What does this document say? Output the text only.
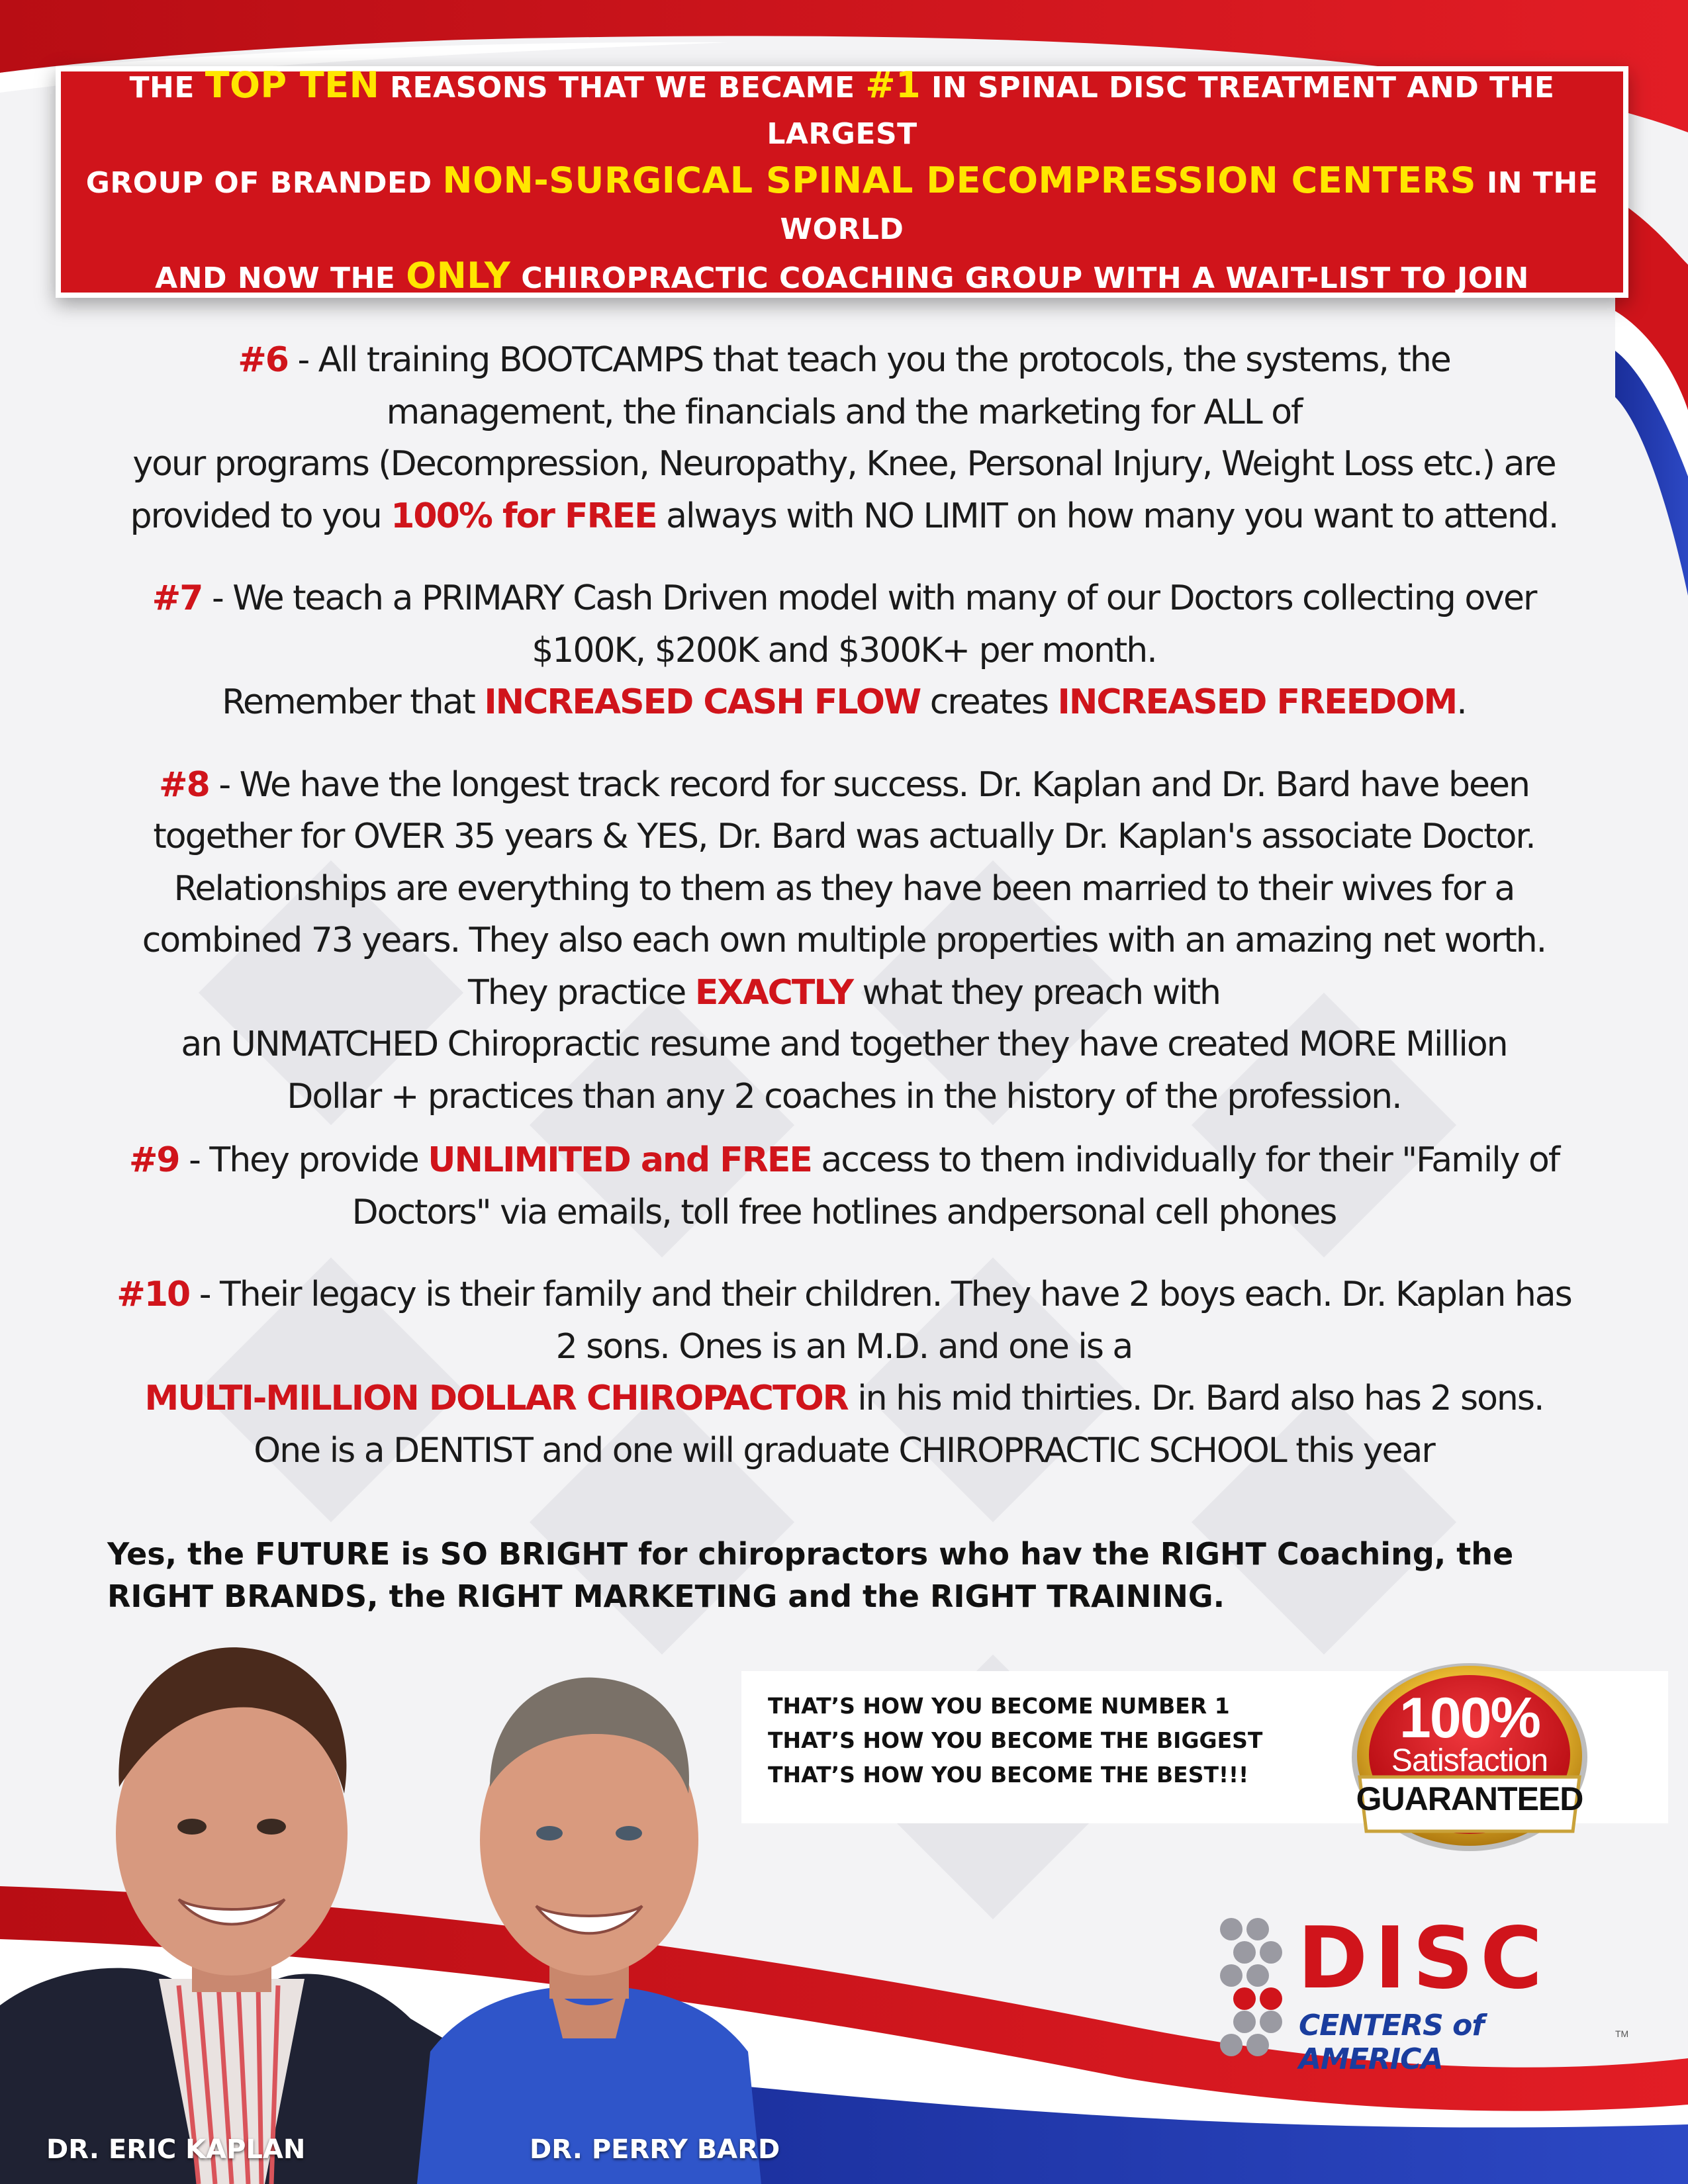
THE TOP TEN REASONS THAT WE BECAME #1 IN SPINAL DISC TREATMENT AND THE LARGEST
GROUP OF BRANDED NON-SURGICAL SPINAL DECOMPRESSION CENTERS IN THE WORLD
AND NOW THE ONLY CHIROPRACTIC COACHING GROUP WITH A WAIT-LIST TO JOIN
#6 - All training BOOTCAMPS that teach you the protocols, the systems, the
management, the financials and the marketing for ALL of
your programs (Decompression, Neuropathy, Knee, Personal Injury, Weight Loss etc.) are
provided to you 100% for FREE always with NO LIMIT on how many you want to attend.
#7 - We teach a PRIMARY Cash Driven model with many of our Doctors collecting over
$100K, $200K and $300K+ per month.
Remember that INCREASED CASH FLOW creates INCREASED FREEDOM.
#8 - We have the longest track record for success. Dr. Kaplan and Dr. Bard have been
together for OVER 35 years & YES, Dr. Bard was actually Dr. Kaplan's associate Doctor.
Relationships are everything to them as they have been married to their wives for a
combined 73 years. They also each own multiple properties with an amazing net worth.
They practice EXACTLY what they preach with
an UNMATCHED Chiropractic resume and together they have created MORE Million
Dollar + practices than any 2 coaches in the history of the profession.
#9 - They provide UNLIMITED and FREE access to them individually for their "Family of
Doctors" via emails, toll free hotlines andpersonal cell phones
#10 - Their legacy is their family and their children. They have 2 boys each. Dr. Kaplan has
2 sons. Ones is an M.D. and one is a
MULTI-MILLION DOLLAR CHIROPACTOR in his mid thirties. Dr. Bard also has 2 sons.
One is a DENTIST and one will graduate CHIROPRACTIC SCHOOL this year
Yes, the FUTURE is SO BRIGHT for chiropractors who hav the RIGHT Coaching, the
RIGHT BRANDS, the RIGHT MARKETING and the RIGHT TRAINING.
THAT’S HOW YOU BECOME NUMBER 1
THAT’S HOW YOU BECOME THE BIGGEST
THAT’S HOW YOU BECOME THE BEST!!!
100%
Satisfaction
GUARANTEED
DISC
CENTERS of AMERICA
TM
DR. ERIC KAPLAN	DR. PERRY BARD
